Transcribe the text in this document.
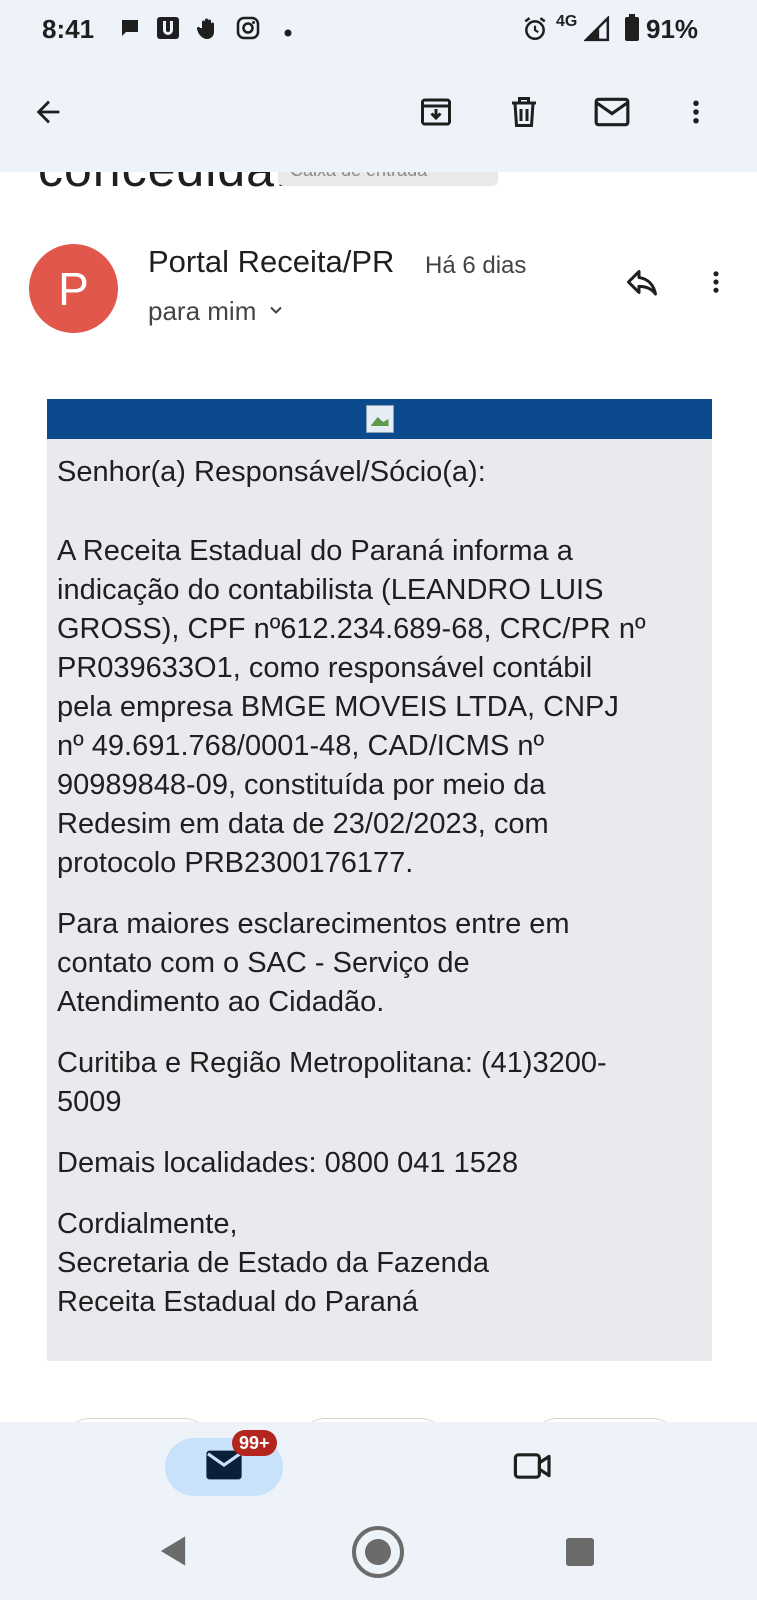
8:41	4G	91%
P
Portal Receita/PR Há 6 dias
para mim

Senhor(a) Responsável/Sócio(a):

A Receita Estadual do Paraná informa a
indicação do contabilista (LEANDRO LUIS
GROSS), CPF nº612.234.689-68, CRC/PR nº
PR039633O1, como responsável contábil
pela empresa BMGE MOVEIS LTDA, CNPJ
nº 49.691.768/0001-48, CAD/ICMS nº
90989848-09, constituída por meio da
Redesim em data de 23/02/2023, com
protocolo PRB2300176177.

Para maiores esclarecimentos entre em
contato com o SAC - Serviço de
Atendimento ao Cidadão.

Curitiba e Região Metropolitana: (41)3200-
5009

Demais localidades: 0800 041 1528

Cordialmente,
Secretaria de Estado da Fazenda
Receita Estadual do Paraná

99+
